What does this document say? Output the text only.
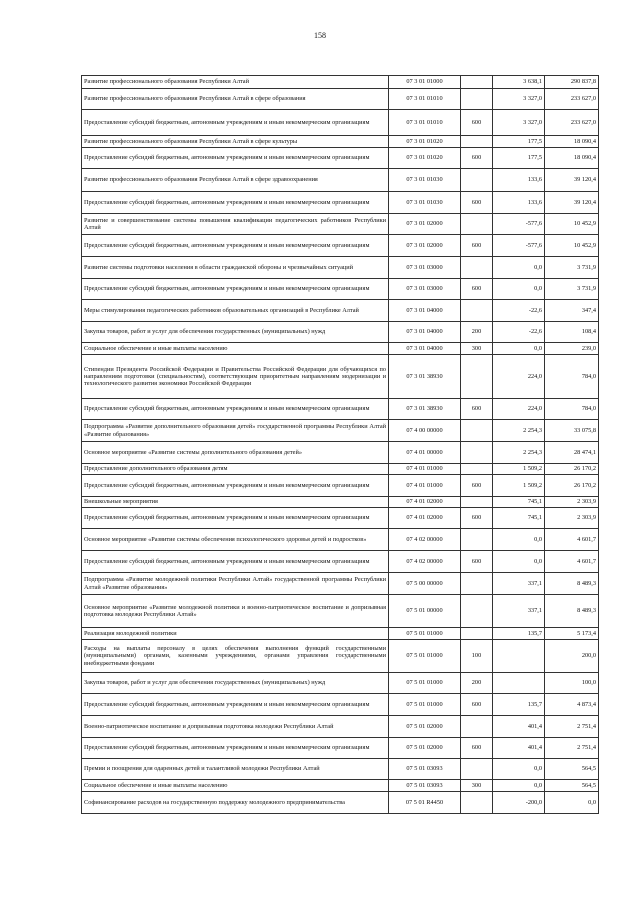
158
Развитие профессионального образования Республики Алтай	07 3 01 01000		3 638,1	290 837,8
Развитие профессионального образования Республики Алтай в сфере образования	07 3 01 01010		3 327,0	233 627,0
Предоставление субсидий бюджетным, автономным учреждениям и иным некоммерческим организациям	07 3 01 01010	600	3 327,0	233 627,0
Развитие профессионального образования Республики Алтай в сфере культуры	07 3 01 01020		177,5	18 090,4
Предоставление субсидий бюджетным, автономным учреждениям и иным некоммерческим организациям	07 3 01 01020	600	177,5	18 090,4
Развитие профессионального образования Республики Алтай в сфере здравоохранения	07 3 01 01030		133,6	39 120,4
Предоставление субсидий бюджетным, автономным учреждениям и иным некоммерческим организациям	07 3 01 01030	600	133,6	39 120,4
Развитие и совершенствование системы повышения квалификации педагогических работников Республики Алтай	07 3 01 02000		-577,6	10 452,9
Предоставление субсидий бюджетным, автономным учреждениям и иным некоммерческим организациям	07 3 01 02000	600	-577,6	10 452,9
Развитие системы подготовки населения в области гражданской обороны и чрезвычайных ситуаций	07 3 01 03000		0,0	3 731,9
Предоставление субсидий бюджетным, автономным учреждениям и иным некоммерческим организациям	07 3 01 03000	600	0,0	3 731,9
Меры стимулирования педагогических работников образовательных организаций в Республике Алтай	07 3 01 04000		-22,6	347,4
Закупка товаров, работ и услуг для обеспечения государственных (муниципальных) нужд	07 3 01 04000	200	-22,6	108,4
Социальное обеспечение и иные выплаты населению	07 3 01 04000	300	0,0	239,0
Стипендии Президента Российской Федерации и Правительства Российской Федерации для обучающихся по направлениям подготовки (специальностям), соответствующим приоритетным направлениям модернизации и технологического развития экономики Российской Федерации	07 3 01 38930		224,0	784,0
Предоставление субсидий бюджетным, автономным учреждениям и иным некоммерческим организациям	07 3 01 38930	600	224,0	784,0
Подпрограмма «Развитие дополнительного образования детей» государственной программы Республики Алтай «Развитие образования»	07 4 00 00000		2 254,3	33 075,8
Основное мероприятие «Развитие системы дополнительного образования детей»	07 4 01 00000		2 254,3	28 474,1
Предоставление дополнительного образования детям	07 4 01 01000		1 509,2	26 170,2
Предоставление субсидий бюджетным, автономным учреждениям и иным некоммерческим организациям	07 4 01 01000	600	1 509,2	26 170,2
Внешкольные мероприятия	07 4 01 02000		745,1	2 303,9
Предоставление субсидий бюджетным, автономным учреждениям и иным некоммерческим организациям	07 4 01 02000	600	745,1	2 303,9
Основное мероприятие «Развитие системы обеспечения психологического здоровья детей и подростков»	07 4 02 00000		0,0	4 601,7
Предоставление субсидий бюджетным, автономным учреждениям и иным некоммерческим организациям	07 4 02 00000	600	0,0	4 601,7
Подпрограмма «Развитие молодежной политики Республики Алтай» государственной программы Республики Алтай «Развитие образования»	07 5 00 00000		337,1	8 489,3
Основное мероприятие «Развитие молодежной политики и военно-патриотическое воспитание и допризывная подготовка молодежи Республики Алтай»	07 5 01 00000		337,1	8 489,3
Реализация молодежной политики	07 5 01 01000		135,7	5 173,4
Расходы на выплаты персоналу в целях обеспечения выполнения функций государственными (муниципальными) органами, казенными учреждениями, органами управления государственными внебюджетными фондами	07 5 01 01000	100		200,0
Закупка товаров, работ и услуг для обеспечения государственных (муниципальных) нужд	07 5 01 01000	200		100,0
Предоставление субсидий бюджетным, автономным учреждениям и иным некоммерческим организациям	07 5 01 01000	600	135,7	4 873,4
Военно-патриотическое воспитание и допризывная подготовка молодежи Республики Алтай	07 5 01 02000		401,4	2 751,4
Предоставление субсидий бюджетным, автономным учреждениям и иным некоммерческим организациям	07 5 01 02000	600	401,4	2 751,4
Премии и поощрения для одаренных детей и талантливой молодежи Республики Алтай	07 5 01 03093		0,0	564,5
Социальное обеспечение и иные выплаты населению	07 5 01 03093	300	0,0	564,5
Софинансирование расходов на государственную поддержку молодежного предпринимательства	07 5 01 R4450		-200,0	0,0
